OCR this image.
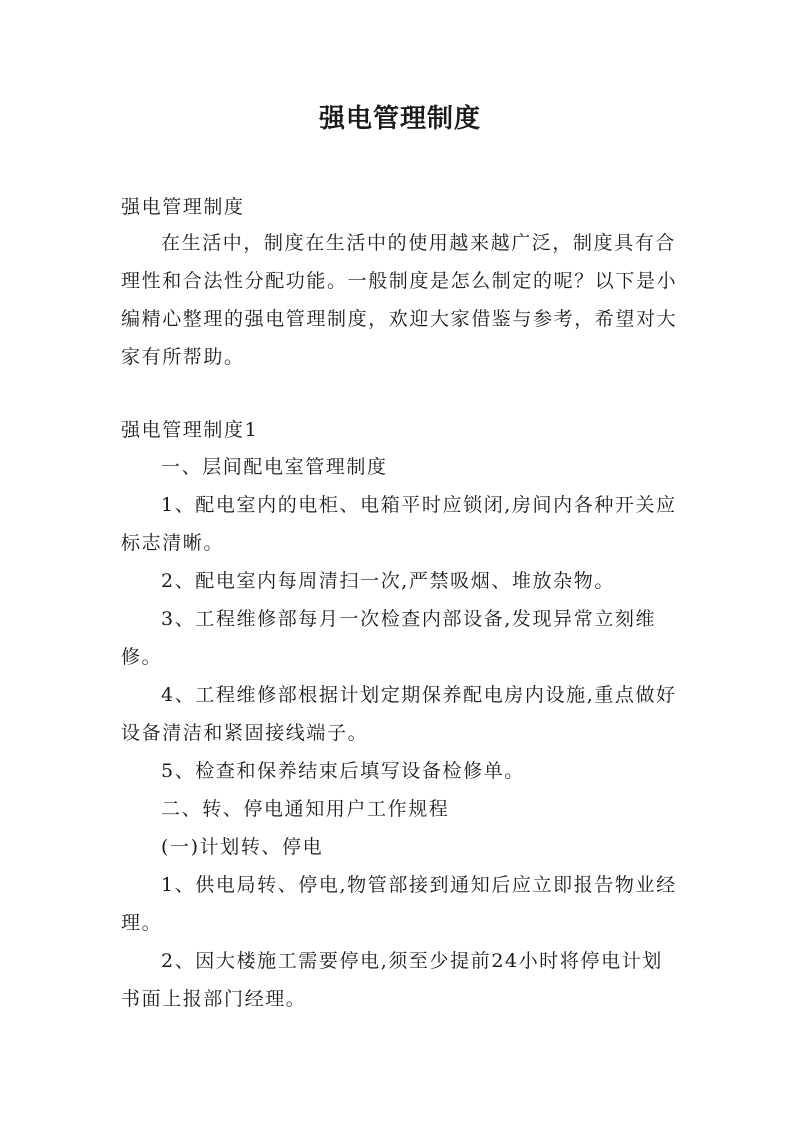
强电管理制度

强电管理制度

在生活中，制度在生活中的使用越来越广泛，制度具有合理性和合法性分配功能。一般制度是怎么制定的呢？以下是小编精心整理的强电管理制度，欢迎大家借鉴与参考，希望对大家有所帮助。

强电管理制度1

一、层间配电室管理制度

1、配电室内的电柜、电箱平时应锁闭,房间内各种开关应标志清晰。

2、配电室内每周清扫一次,严禁吸烟、堆放杂物。

3、工程维修部每月一次检查内部设备,发现异常立刻维修。

4、工程维修部根据计划定期保养配电房内设施,重点做好设备清洁和紧固接线端子。

5、检查和保养结束后填写设备检修单。

二、转、停电通知用户工作规程

(一)计划转、停电

1、供电局转、停电,物管部接到通知后应立即报告物业经理。

2、因大楼施工需要停电,须至少提前24小时将停电计划书面上报部门经理。
